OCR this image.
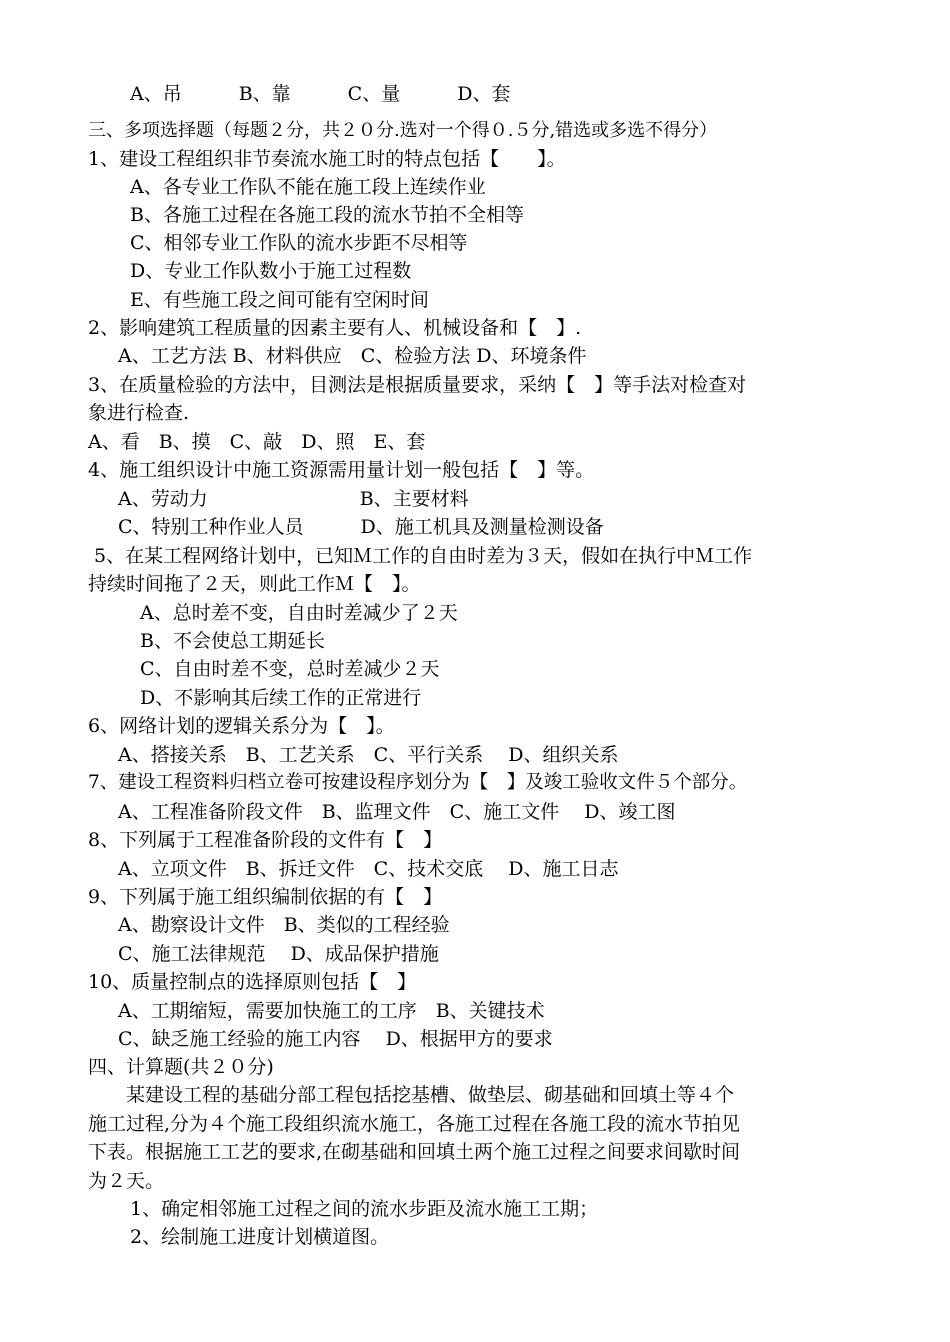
A、吊　　　B、靠　　　C、量　　　D、套
三、多项选择题（每题２分，共２０分.选对一个得０.５分,错选或多选不得分）
1、建设工程组织非节奏流水施工时的特点包括【　　】。
A、各专业工作队不能在施工段上连续作业
B、各施工过程在各施工段的流水节拍不全相等
C、相邻专业工作队的流水步距不尽相等
D、专业工作队数小于施工过程数
E、有些施工段之间可能有空闲时间
2、影响建筑工程质量的因素主要有人、机械设备和【　】.
A、工艺方法 B、材料供应　C、检验方法 D、环境条件
3、在质量检验的方法中，目测法是根据质量要求，采纳【　】等手法对检查对
象进行检查.
A、看　B、摸　C、敲　D、照　E、套
4、施工组织设计中施工资源需用量计划一般包括【　】等。
A、劳动力　　　　　　　　B、主要材料
C、特别工种作业人员　　　D、施工机具及测量检测设备
5、在某工程网络计划中，已知Ｍ工作的自由时差为３天，假如在执行中Ｍ工作
持续时间拖了２天，则此工作Ｍ【　】。
A、总时差不变，自由时差减少了２天
B、不会使总工期延长
C、自由时差不变，总时差减少２天
D、不影响其后续工作的正常进行
6、网络计划的逻辑关系分为【　】。
A、搭接关系　B、工艺关系　C、平行关系　 D、组织关系
7、建设工程资料归档立卷可按建设程序划分为【　】及竣工验收文件５个部分。
A、工程准备阶段文件　B、监理文件　C、施工文件　 D、竣工图
8、下列属于工程准备阶段的文件有【　】
A、立项文件　B、拆迁文件　C、技术交底　 D、施工日志
9、下列属于施工组织编制依据的有【　】
A、勘察设计文件　B、类似的工程经验
C、施工法律规范　 D、成品保护措施
10、质量控制点的选择原则包括【　】
A、工期缩短，需要加快施工的工序　B、关键技术
C、缺乏施工经验的施工内容　 D、根据甲方的要求
四、计算题(共２０分)
　　某建设工程的基础分部工程包括挖基槽、做垫层、砌基础和回填土等４个
施工过程,分为４个施工段组织流水施工，各施工过程在各施工段的流水节拍见
下表。根据施工工艺的要求,在砌基础和回填土两个施工过程之间要求间歇时间
为２天。
1、确定相邻施工过程之间的流水步距及流水施工工期；
2、绘制施工进度计划横道图。
